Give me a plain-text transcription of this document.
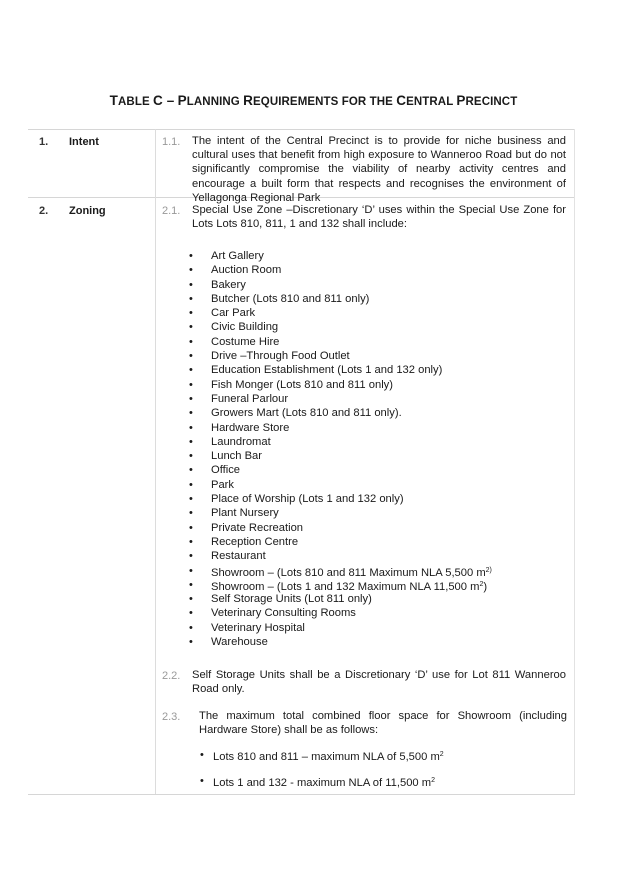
TABLE C – PLANNING REQUIREMENTS FOR THE CENTRAL PRECINCT
1. Intent	1.1. The intent of the Central Precinct is to provide for niche business and cultural uses that benefit from high exposure to Wanneroo Road but do not significantly compromise the viability of nearby activity centres and encourage a built form that respects and recognises the environment of Yellagonga Regional Park
2. Zoning	2.1. Special Use Zone –Discretionary ‘D’ uses within the Special Use Zone for Lots Lots 810, 811, 1 and 132 shall include:
• Art Gallery
• Auction Room
• Bakery
• Butcher (Lots 810 and 811 only)
• Car Park
• Civic Building
• Costume Hire
• Drive –Through Food Outlet
• Education Establishment (Lots 1 and 132 only)
• Fish Monger (Lots 810 and 811 only)
• Funeral Parlour
• Growers Mart (Lots 810 and 811 only).
• Hardware Store
• Laundromat
• Lunch Bar
• Office
• Park
• Place of Worship (Lots 1 and 132 only)
• Plant Nursery
• Private Recreation
• Reception Centre
• Restaurant
• Showroom – (Lots 810 and 811 Maximum NLA 5,500 $m^{2)}$
• Showroom – (Lots 1 and 132 Maximum NLA 11,500 $m^2$)
• Self Storage Units (Lot 811 only)
• Veterinary Consulting Rooms
• Veterinary Hospital
• Warehouse
2.2. Self Storage Units shall be a Discretionary ‘D’ use for Lot 811 Wanneroo Road only.
2.3. The maximum total combined floor space for Showroom (including Hardware Store) shall be as follows:
• Lots 810 and 811 – maximum NLA of 5,500 $m^2$
• Lots 1 and 132 - maximum NLA of 11,500 $m^2$
